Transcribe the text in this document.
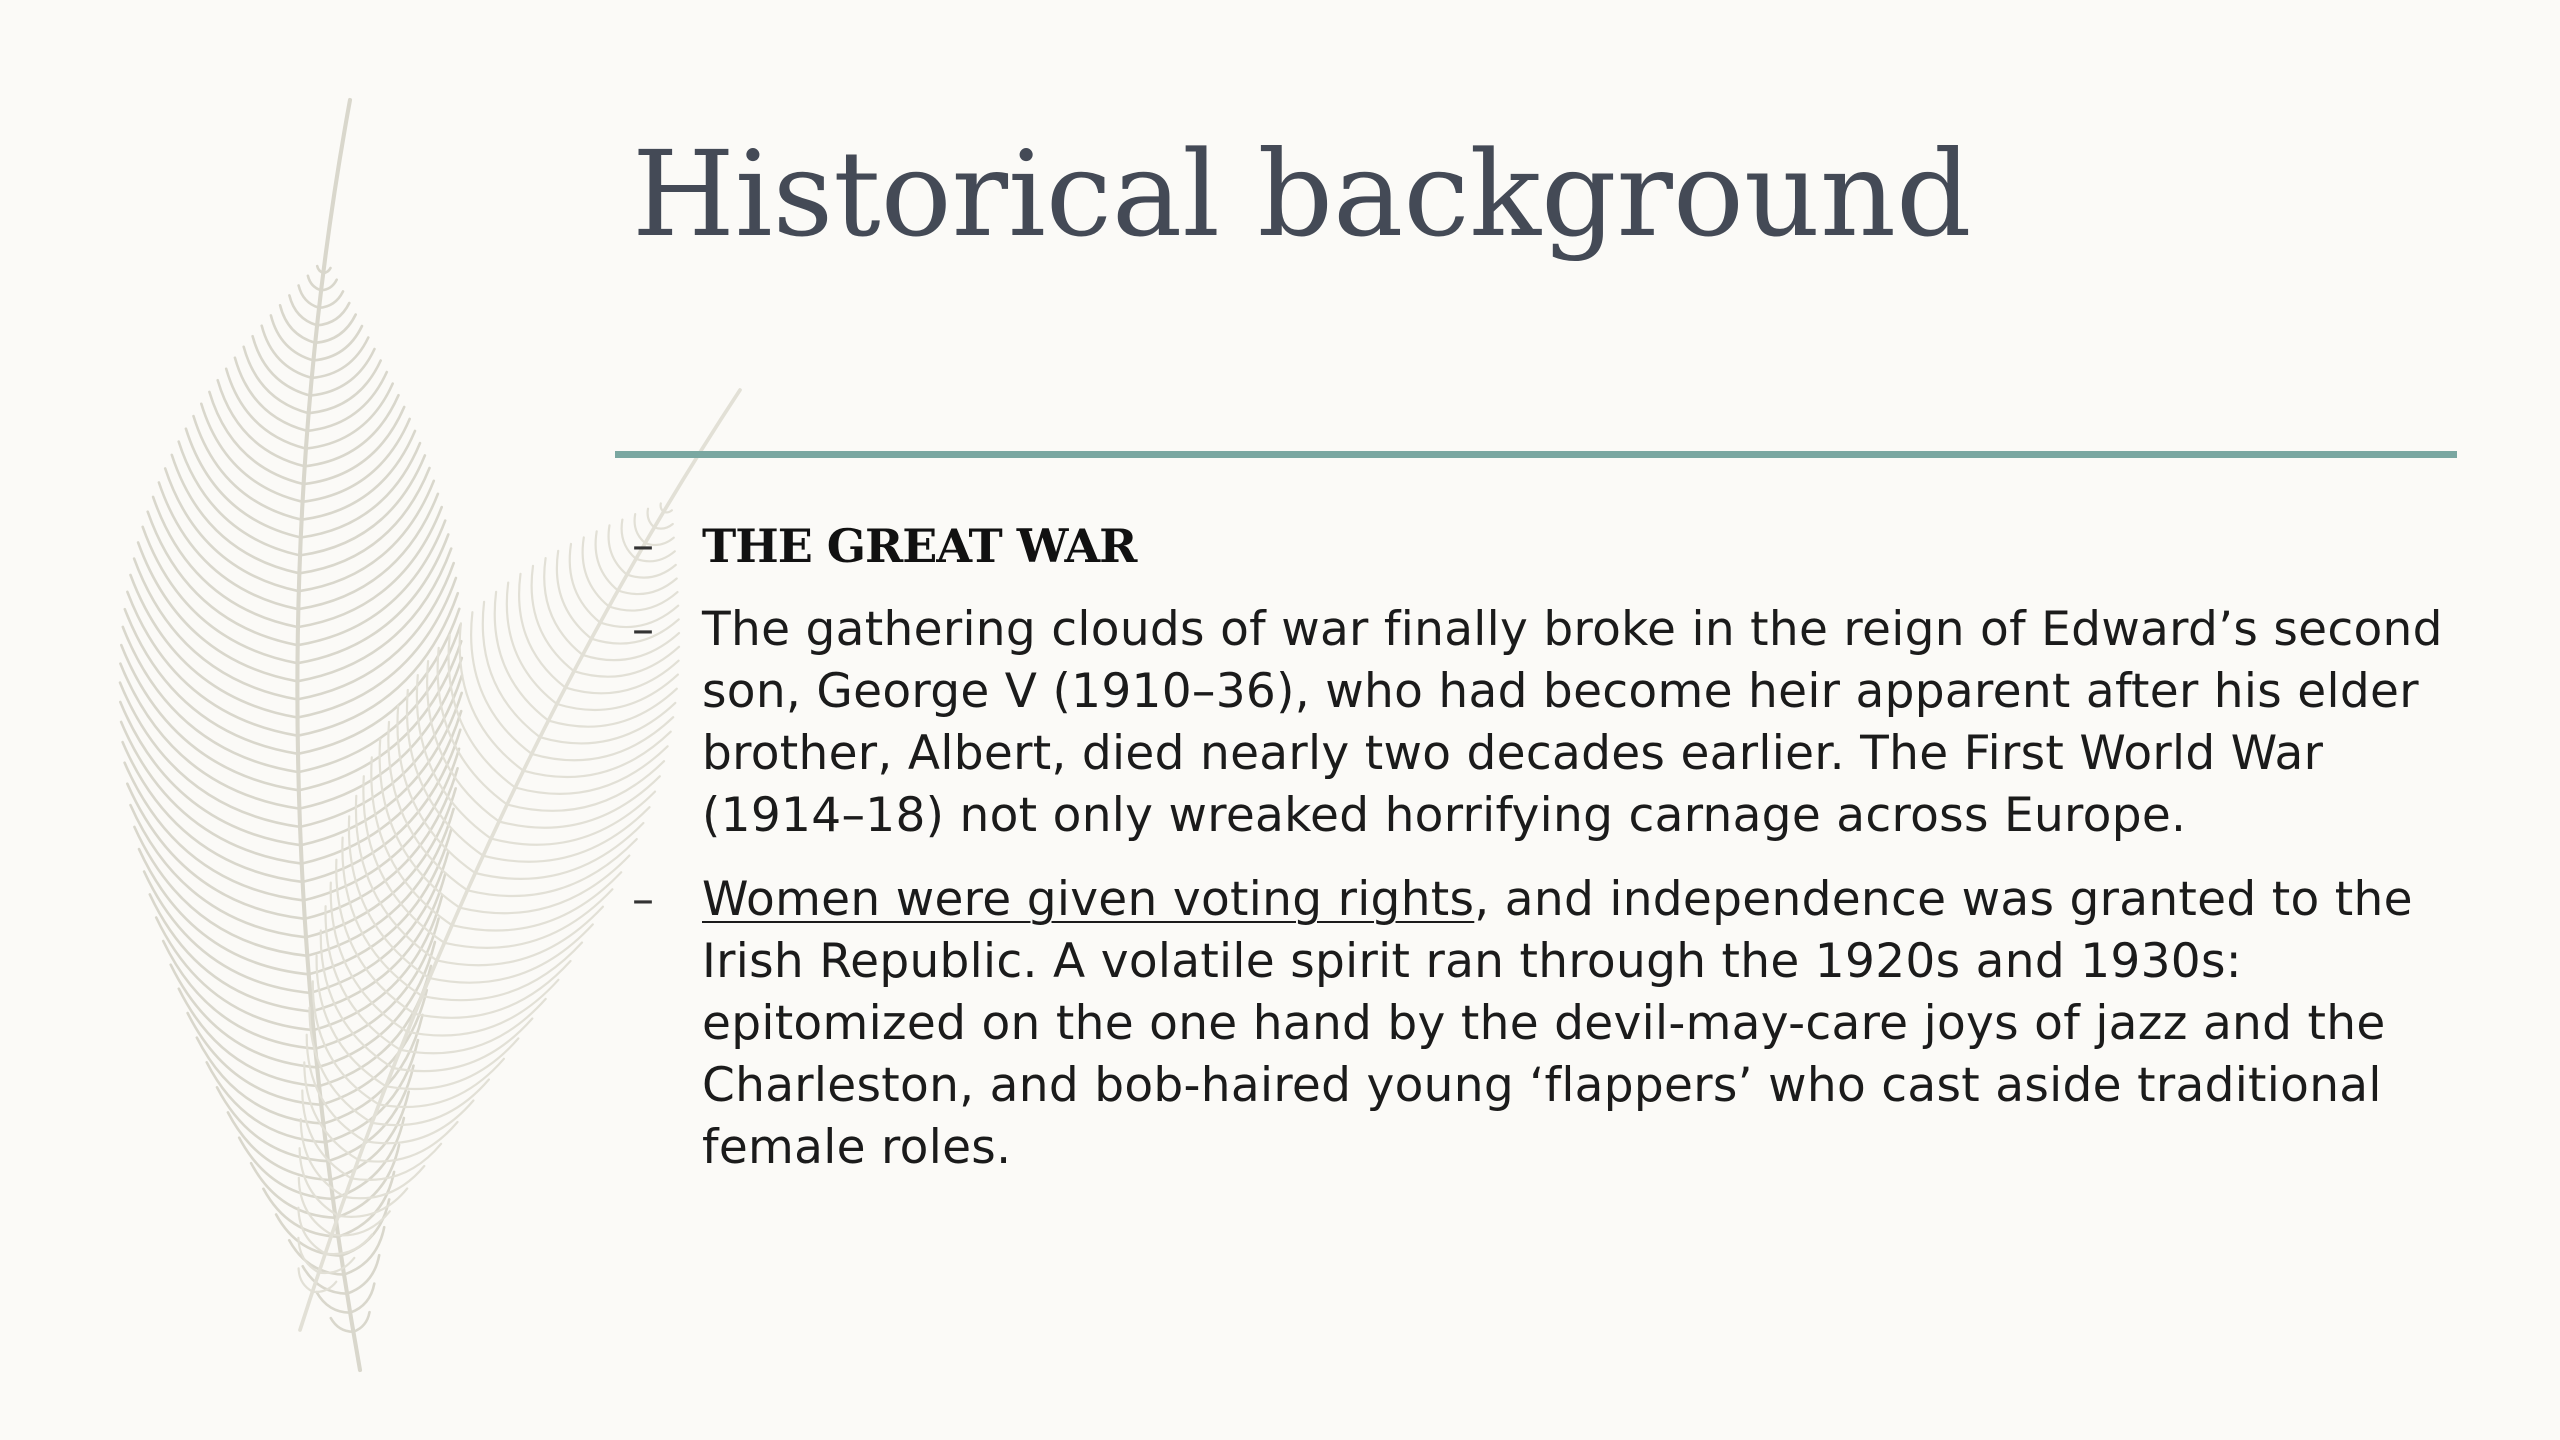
Historical background
– THE GREAT WAR
– The gathering clouds of war finally broke in the reign of Edward’s second son, George V (1910–36), who had become heir apparent after his elder brother, Albert, died nearly two decades earlier. The First World War (1914–18) not only wreaked horrifying carnage across Europe.
– Women were given voting rights, and independence was granted to the Irish Republic. A volatile spirit ran through the 1920s and 1930s: epitomized on the one hand by the devil-may-care joys of jazz and the Charleston, and bob-haired young ‘flappers’ who cast aside traditional female roles.
